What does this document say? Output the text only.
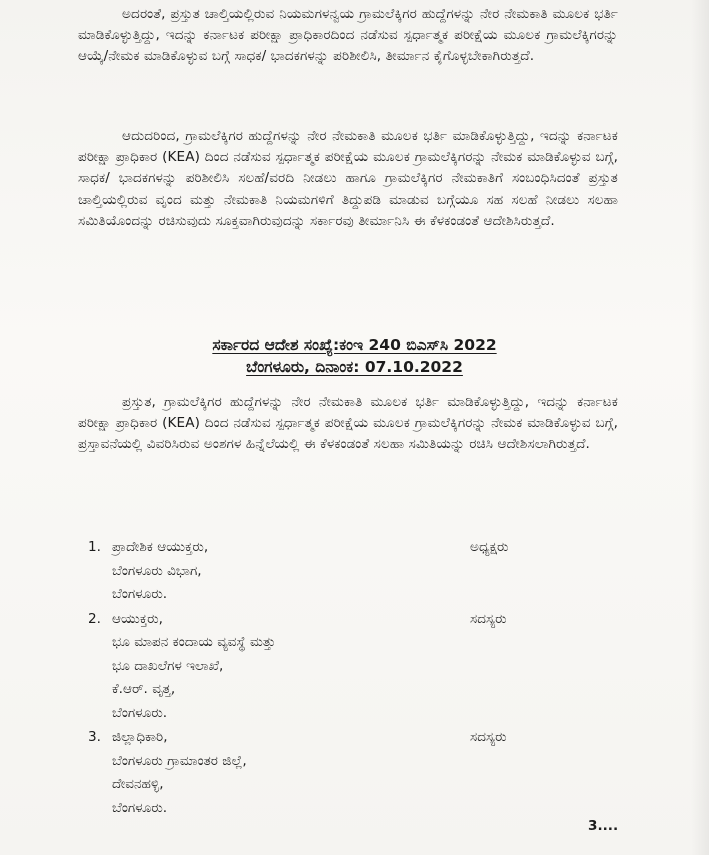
ಅದರಂತೆ, ಪ್ರಸ್ತುತ ಚಾಲ್ತಿಯಲ್ಲಿರುವ ನಿಯಮಗಳನ್ವಯ ಗ್ರಾಮಲೆಕ್ಕಿಗರ ಹುದ್ದೆಗಳನ್ನು ನೇರ ನೇಮಕಾತಿ ಮೂಲಕ ಭರ್ತಿ ಮಾಡಿಕೊಳ್ಳುತ್ತಿದ್ದು, ಇದನ್ನು ಕರ್ನಾಟಕ ಪರೀಕ್ಷಾ ಪ್ರಾಧಿಕಾರದಿಂದ ನಡೆಸುವ ಸ್ಪರ್ಧಾತ್ಮಕ ಪರೀಕ್ಷೆಯ ಮೂಲಕ ಗ್ರಾಮಲೆಕ್ಕಿಗರನ್ನು ಆಯ್ಕೆ/ನೇಮಕ ಮಾಡಿಕೊಳ್ಳುವ ಬಗ್ಗೆ ಸಾಧಕ/ ಭಾದಕಗಳನ್ನು ಪರಿಶೀಲಿಸಿ, ತೀರ್ಮಾನ ಕೈಗೊಳ್ಳಬೇಕಾಗಿರುತ್ತದೆ.

ಆದುದರಿಂದ, ಗ್ರಾಮಲೆಕ್ಕಿಗರ ಹುದ್ದೆಗಳನ್ನು ನೇರ ನೇಮಕಾತಿ ಮೂಲಕ ಭರ್ತಿ ಮಾಡಿಕೊಳ್ಳುತ್ತಿದ್ದು, ಇದನ್ನು ಕರ್ನಾಟಕ ಪರೀಕ್ಷಾ ಪ್ರಾಧಿಕಾರ (KEA) ದಿಂದ ನಡೆಸುವ ಸ್ಪರ್ಧಾತ್ಮಕ ಪರೀಕ್ಷೆಯ ಮೂಲಕ ಗ್ರಾಮಲೆಕ್ಕಿಗರನ್ನು ನೇಮಕ ಮಾಡಿಕೊಳ್ಳುವ ಬಗ್ಗೆ, ಸಾಧಕ/ ಭಾದಕಗಳನ್ನು ಪರಿಶೀಲಿಸಿ ಸಲಹೆ/ವರದಿ ನೀಡಲು ಹಾಗೂ ಗ್ರಾಮಲೆಕ್ಕಿಗರ ನೇಮಕಾತಿಗೆ ಸಂಬಂಧಿಸಿದಂತೆ ಪ್ರಸ್ತುತ ಚಾಲ್ತಿಯಲ್ಲಿರುವ ವೃಂದ ಮತ್ತು ನೇಮಕಾತಿ ನಿಯಮಗಳಿಗೆ ತಿದ್ದುಪಡಿ ಮಾಡುವ ಬಗ್ಗೆಯೂ ಸಹ ಸಲಹೆ ನೀಡಲು ಸಲಹಾ ಸಮಿತಿಯೊಂದನ್ನು ರಚಿಸುವುದು ಸೂಕ್ತವಾಗಿರುವುದನ್ನು ಸರ್ಕಾರವು ತೀರ್ಮಾನಿಸಿ ಈ ಕೆಳಕಂಡಂತೆ ಆದೇಶಿಸಿರುತ್ತದೆ.

ಸರ್ಕಾರದ ಆದೇಶ ಸಂಖ್ಯೆ:ಕಂಇ 240 ಬಿಎಸ್‌ಸಿ 2022

ಬೆಂಗಳೂರು, ದಿನಾಂಕ: 07.10.2022

ಪ್ರಸ್ತುತ, ಗ್ರಾಮಲೆಕ್ಕಿಗರ ಹುದ್ದೆಗಳನ್ನು ನೇರ ನೇಮಕಾತಿ ಮೂಲಕ ಭರ್ತಿ ಮಾಡಿಕೊಳ್ಳುತ್ತಿದ್ದು, ಇದನ್ನು ಕರ್ನಾಟಕ ಪರೀಕ್ಷಾ ಪ್ರಾಧಿಕಾರ (KEA) ದಿಂದ ನಡೆಸುವ ಸ್ಪರ್ಧಾತ್ಮಕ ಪರೀಕ್ಷೆಯ ಮೂಲಕ ಗ್ರಾಮಲೆಕ್ಕಿಗರನ್ನು ನೇಮಕ ಮಾಡಿಕೊಳ್ಳುವ ಬಗ್ಗೆ, ಪ್ರಸ್ತಾವನೆಯಲ್ಲಿ ವಿವರಿಸಿರುವ ಅಂಶಗಳ ಹಿನ್ನೆಲೆಯಲ್ಲಿ ಈ ಕೆಳಕಂಡಂತೆ ಸಲಹಾ ಸಮಿತಿಯನ್ನು ರಚಿಸಿ ಆದೇಶಿಸಲಾಗಿರುತ್ತದೆ.

1. ಪ್ರಾದೇಶಿಕ ಆಯುಕ್ತರು,
ಬೆಂಗಳೂರು ವಿಭಾಗ,
ಬೆಂಗಳೂರು.
ಅಧ್ಯಕ್ಷರು
2. ಆಯುಕ್ತರು,
ಭೂ ಮಾಪನ ಕಂದಾಯ ವ್ಯವಸ್ಥೆ ಮತ್ತು
ಭೂ ದಾಖಲೆಗಳ ಇಲಾಖೆ,
ಕೆ.ಆರ್. ವೃತ್ತ,
ಬೆಂಗಳೂರು.
ಸದಸ್ಯರು
3. ಜಿಲ್ಲಾಧಿಕಾರಿ,
ಬೆಂಗಳೂರು ಗ್ರಾಮಾಂತರ ಜಿಲ್ಲೆ,
ದೇವನಹಳ್ಳಿ,
ಬೆಂಗಳೂರು.
ಸದಸ್ಯರು
3....
